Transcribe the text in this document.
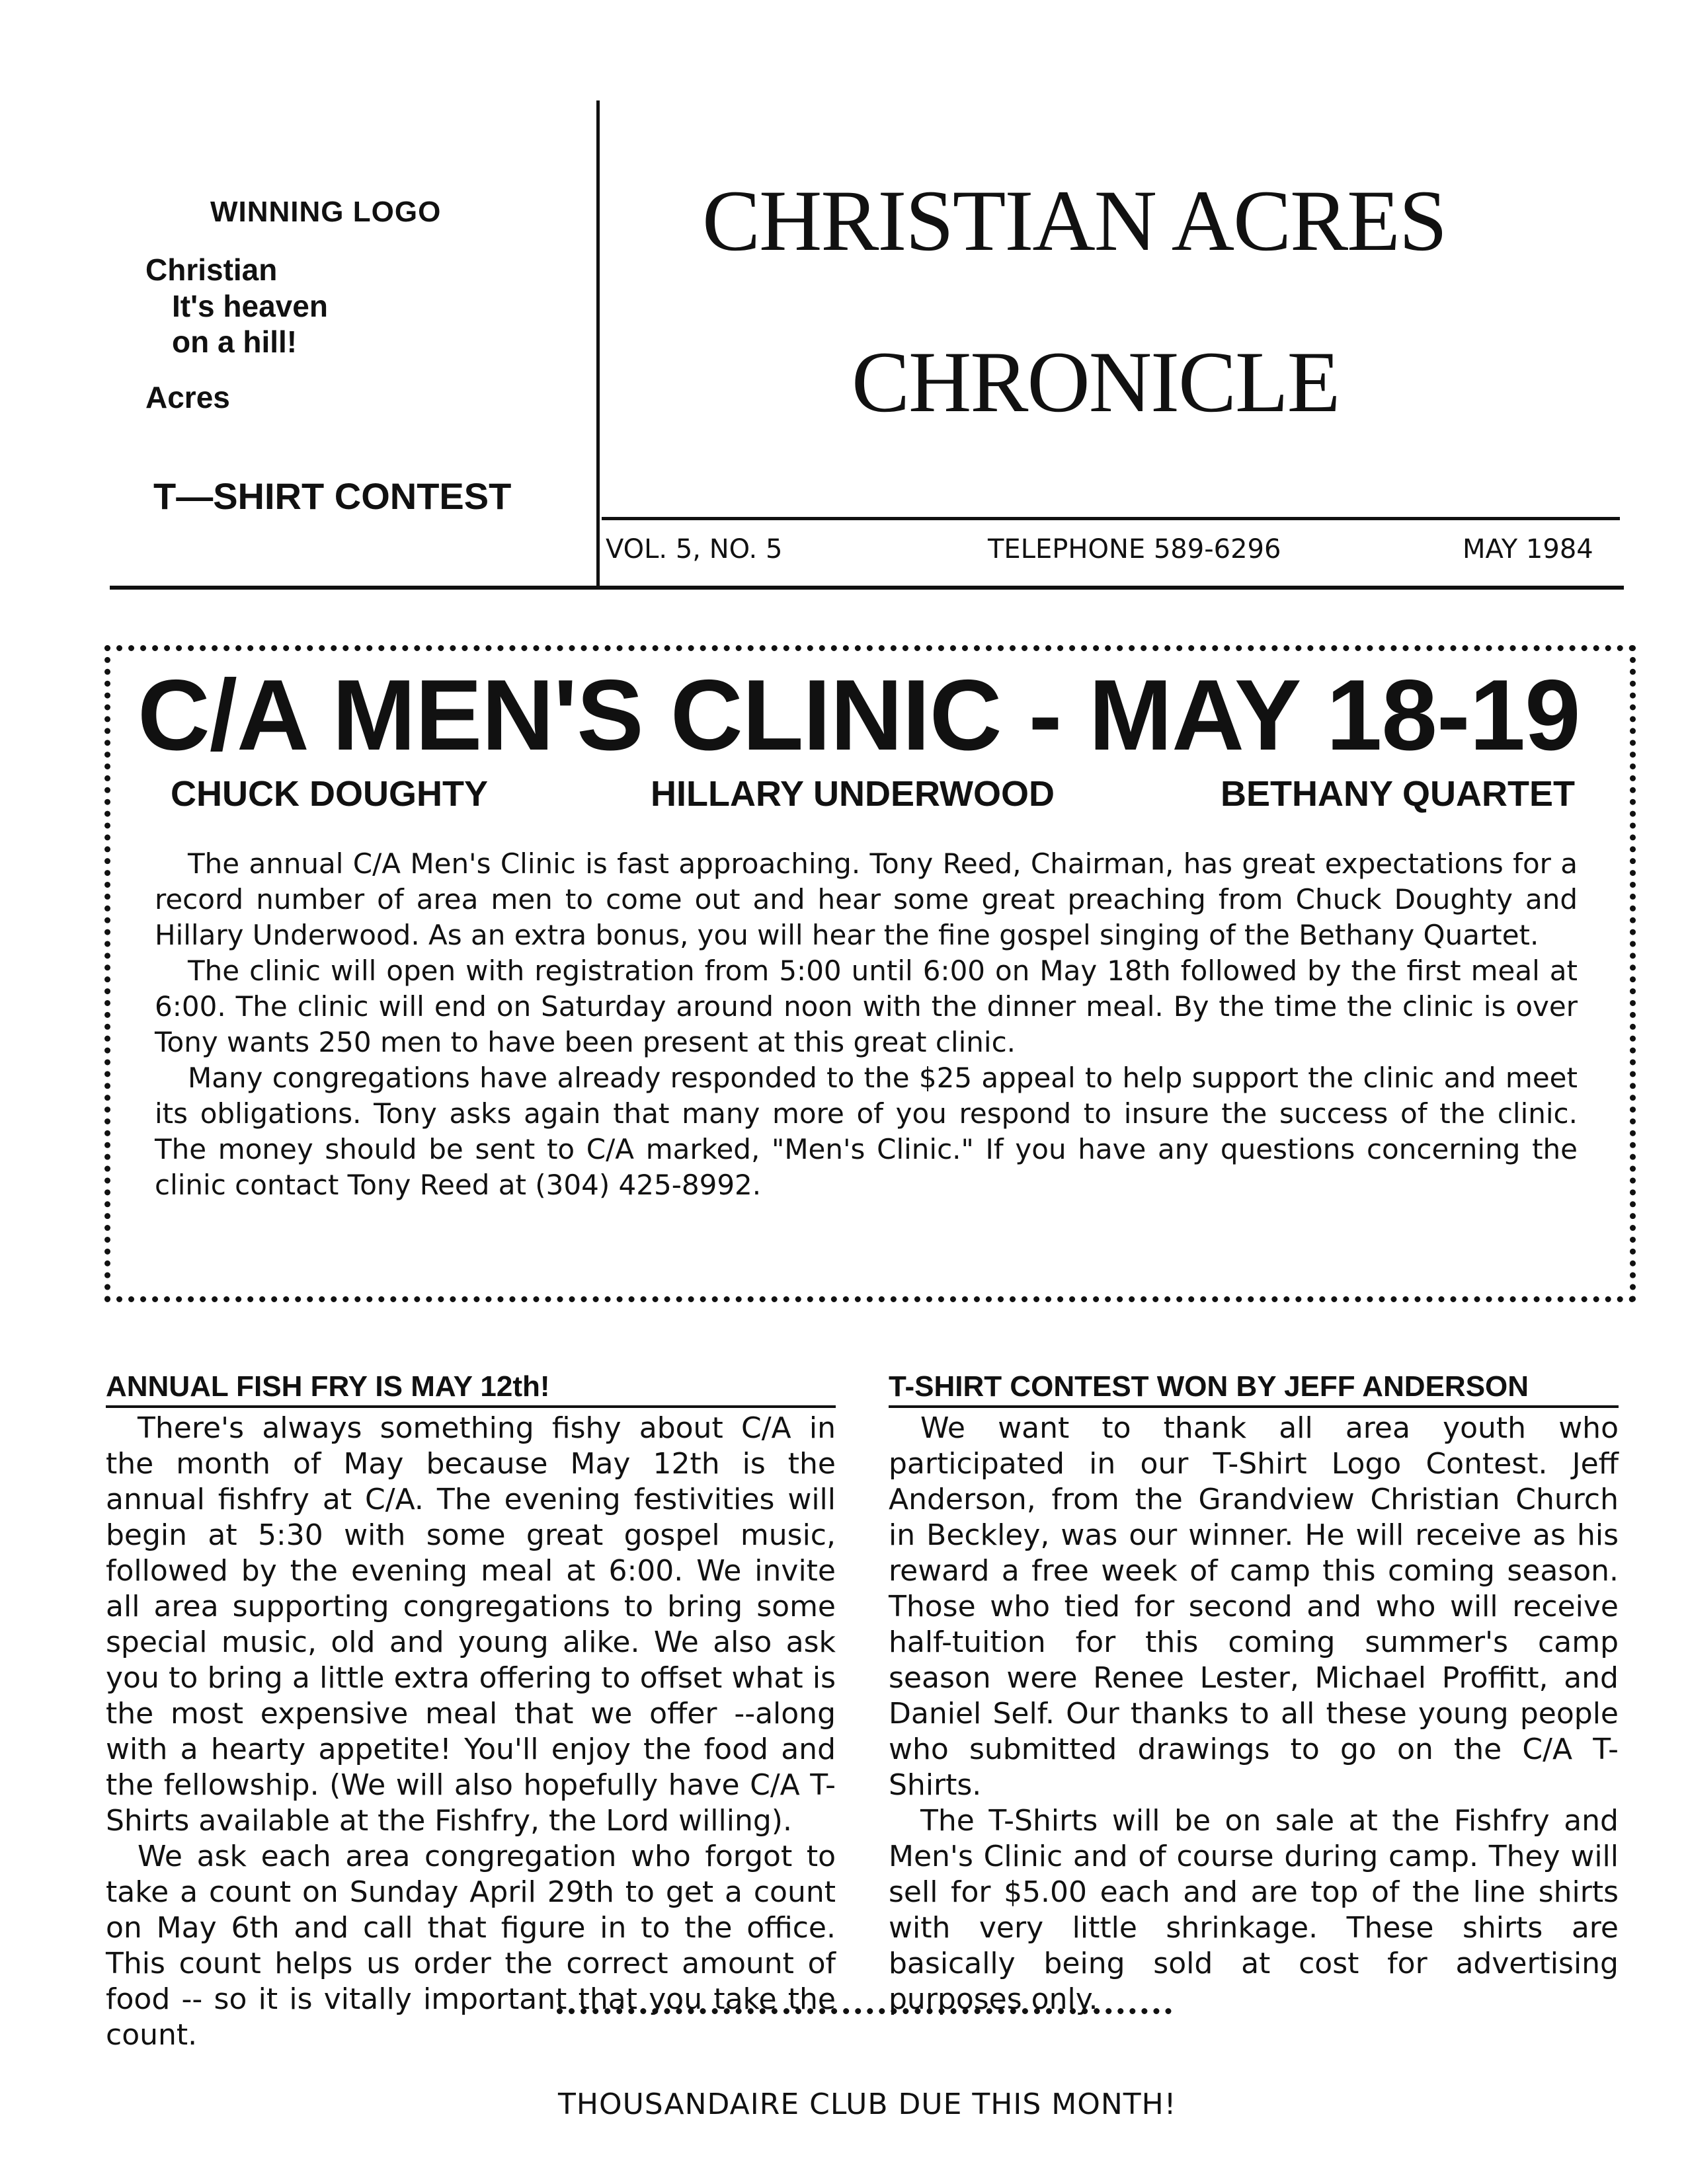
WINNING LOGO
Christian
It's heaven
on a hill!
Acres
T—SHIRT CONTEST
CHRISTIAN ACRES
CHRONICLE
VOL. 5, NO. 5	TELEPHONE 589-6296	MAY 1984
C/A MEN'S CLINIC - MAY 18-19
CHUCK DOUGHTY	HILLARY UNDERWOOD	BETHANY QUARTET

The annual C/A Men's Clinic is fast approaching. Tony Reed, Chairman, has great expectations for a record number of area men to come out and hear some great preaching from Chuck Doughty and Hillary Underwood. As an extra bonus, you will hear the fine gospel singing of the Bethany Quartet.

The clinic will open with registration from 5:00 until 6:00 on May 18th followed by the first meal at 6:00. The clinic will end on Saturday around noon with the dinner meal. By the time the clinic is over Tony wants 250 men to have been present at this great clinic.

Many congregations have already responded to the $25 appeal to help support the clinic and meet its obligations. Tony asks again that many more of you respond to insure the success of the clinic. The money should be sent to C/A marked, "Men's Clinic." If you have any questions concerning the clinic contact Tony Reed at (304) 425-8992.

ANNUAL FISH FRY IS MAY 12th!

There's always something fishy about C/A in the month of May because May 12th is the annual fishfry at C/A. The evening festivities will begin at 5:30 with some great gospel music, followed by the evening meal at 6:00. We invite all area supporting congregations to bring some special music, old and young alike. We also ask you to bring a little extra offering to offset what is the most expensive meal that we offer --along with a hearty appetite! You'll enjoy the food and the fellowship. (We will also hopefully have C/A T-Shirts available at the Fishfry, the Lord willing).

We ask each area congregation who forgot to take a count on Sunday April 29th to get a count on May 6th and call that figure in to the office. This count helps us order the correct amount of food -- so it is vitally important that you take the count.

T-SHIRT CONTEST WON BY JEFF ANDERSON

We want to thank all area youth who participated in our T-Shirt Logo Contest. Jeff Anderson, from the Grandview Christian Church in Beckley, was our winner. He will receive as his reward a free week of camp this coming season. Those who tied for second and who will receive half-tuition for this coming summer's camp season were Renee Lester, Michael Proffitt, and Daniel Self. Our thanks to all these young people who submitted drawings to go on the C/A T-Shirts.

The T-Shirts will be on sale at the Fishfry and Men's Clinic and of course during camp. They will sell for $5.00 each and are top of the line shirts with very little shrinkage. These shirts are basically being sold at cost for advertising purposes only.

THOUSANDAIRE CLUB DUE THIS MONTH!
